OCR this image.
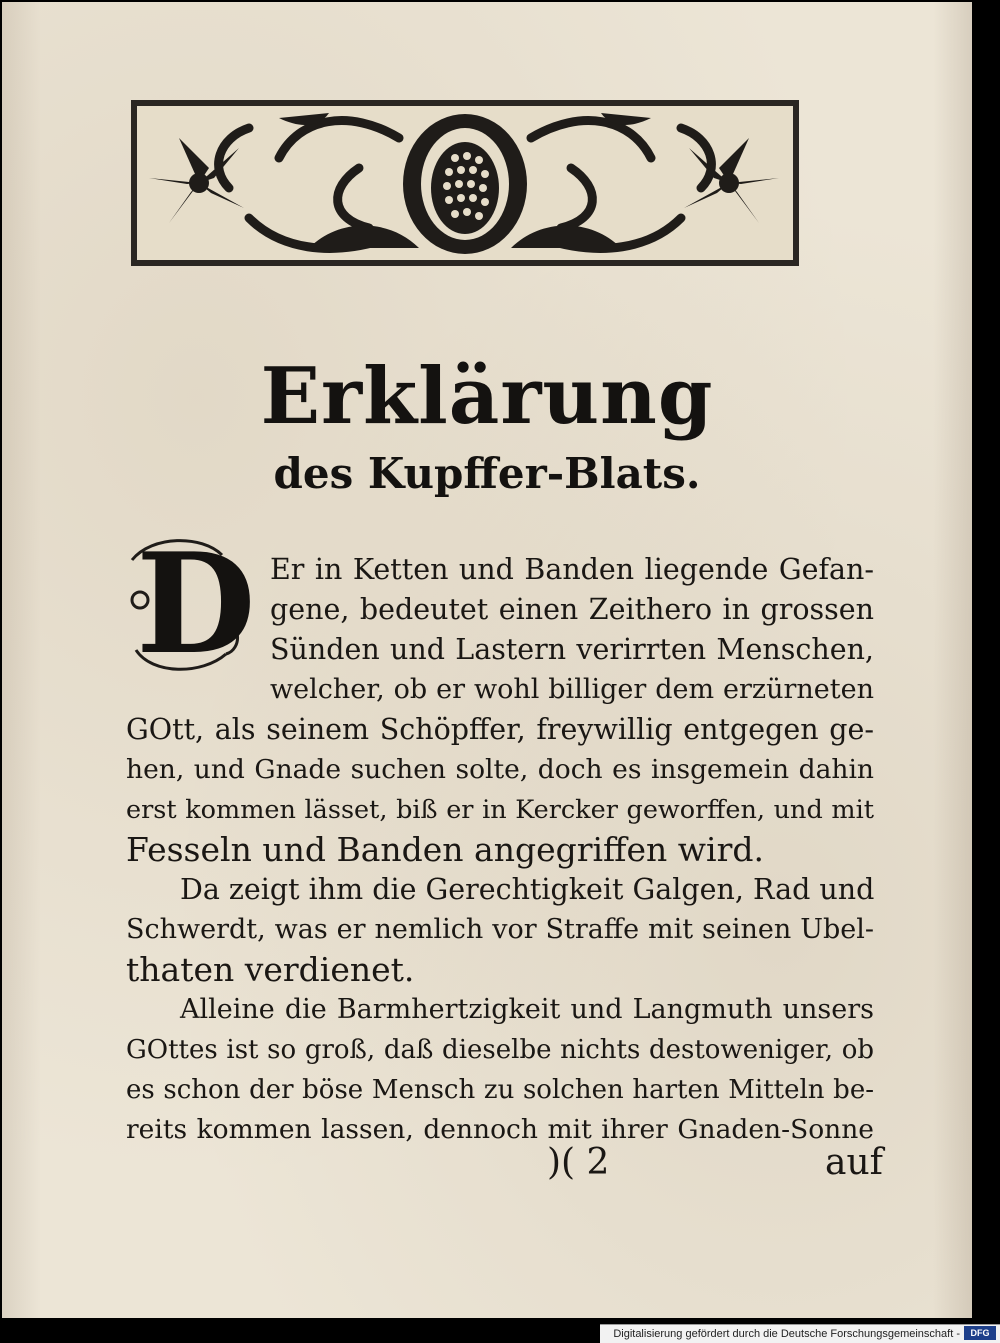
Erklärung
des Kupffer-Blats.
D Er in Ketten und Banden liegende Gefan-
gene, bedeutet einen Zeithero in grossen
Sünden und Lastern verirrten Menschen,
welcher, ob er wohl billiger dem erzürneten
GOtt, als seinem Schöpffer, freywillig entgegen ge-
hen, und Gnade suchen solte, doch es insgemein dahin
erst kommen lässet, biß er in Kercker geworffen, und mit
Fesseln und Banden angegriffen wird.
Da zeigt ihm die Gerechtigkeit Galgen, Rad und
Schwerdt, was er nemlich vor Straffe mit seinen Ubel-
thaten verdienet.
Alleine die Barmhertzigkeit und Langmuth unsers
GOttes ist so groß, daß dieselbe nichts destoweniger, ob
es schon der böse Mensch zu solchen harten Mitteln be-
reits kommen lassen, dennoch mit ihrer Gnaden-Sonne
)( 2	auf
Digitalisierung gefördert durch die Deutsche Forschungsgemeinschaft -	DFG
